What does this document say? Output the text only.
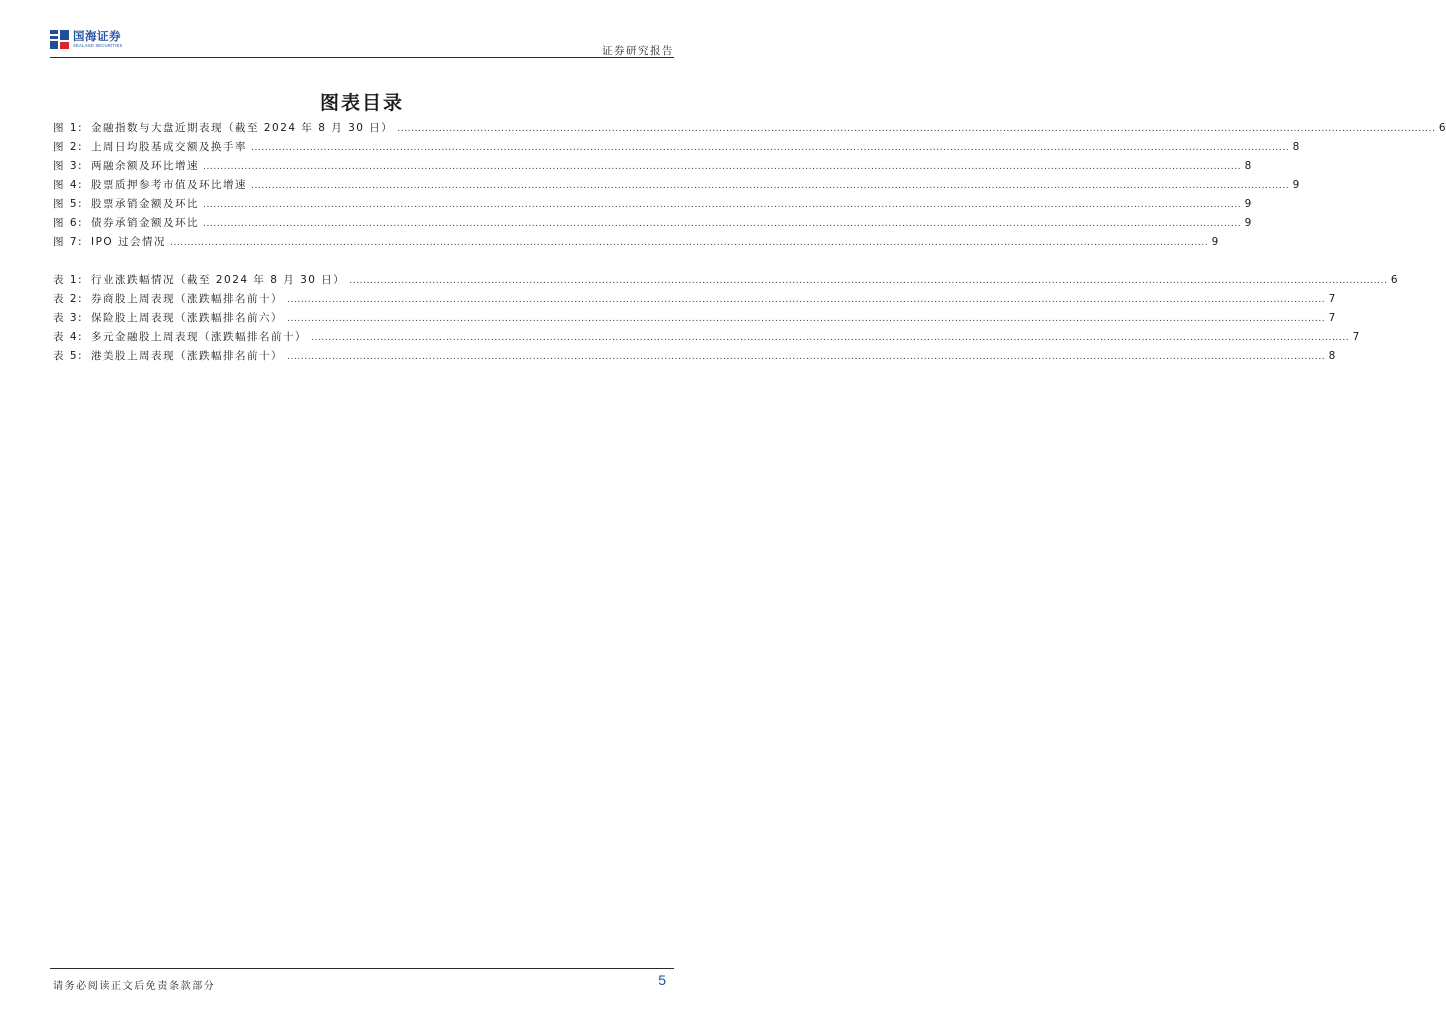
国海证券
SEALAND SECURITIES	证券研究报告
图表目录
图 1: 金融指数与大盘近期表现（截至 2024 年 8 月 30 日） ............................................................................................................................................................................................................................................................................................................ 6
图 2: 上周日均股基成交额及换手率 ............................................................................................................................................................................................................................................................................................................ 8
图 3: 两融余额及环比增速 ............................................................................................................................................................................................................................................................................................................ 8
图 4: 股票质押参考市值及环比增速 ............................................................................................................................................................................................................................................................................................................ 9
图 5: 股票承销金额及环比 ............................................................................................................................................................................................................................................................................................................ 9
图 6: 债券承销金额及环比 ............................................................................................................................................................................................................................................................................................................ 9
图 7: IPO 过会情况 ............................................................................................................................................................................................................................................................................................................ 9
表 1: 行业涨跌幅情况（截至 2024 年 8 月 30 日） ............................................................................................................................................................................................................................................................................................................ 6
表 2: 券商股上周表现（涨跌幅排名前十） ............................................................................................................................................................................................................................................................................................................ 7
表 3: 保险股上周表现（涨跌幅排名前六） ............................................................................................................................................................................................................................................................................................................ 7
表 4: 多元金融股上周表现（涨跌幅排名前十） ............................................................................................................................................................................................................................................................................................................ 7
表 5: 港美股上周表现（涨跌幅排名前十） ............................................................................................................................................................................................................................................................................................................ 8
请务必阅读正文后免责条款部分	5
